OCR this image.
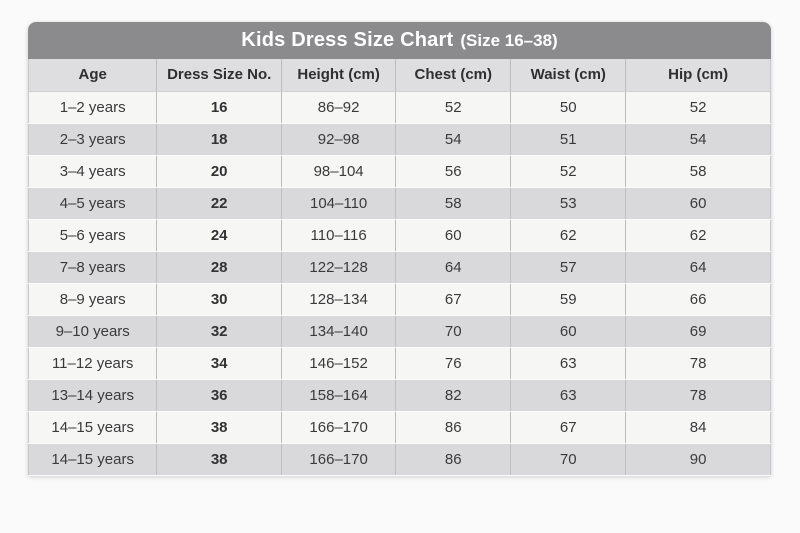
Kids Dress Size Chart (Size 16–38)
Age	Dress Size No.	Height (cm)	Chest (cm)	Waist (cm)	Hip (cm)
1–2 years	16	86–92	52	50	52
2–3 years	18	92–98	54	51	54
3–4 years	20	98–104	56	52	58
4–5 years	22	104–110	58	53	60
5–6 years	24	110–116	60	62	62
7–8 years	28	122–128	64	57	64
8–9 years	30	128–134	67	59	66
9–10 years	32	134–140	70	60	69
11–12 years	34	146–152	76	63	78
13–14 years	36	158–164	82	63	78
14–15 years	38	166–170	86	67	84
14–15 years	38	166–170	86	70	90
